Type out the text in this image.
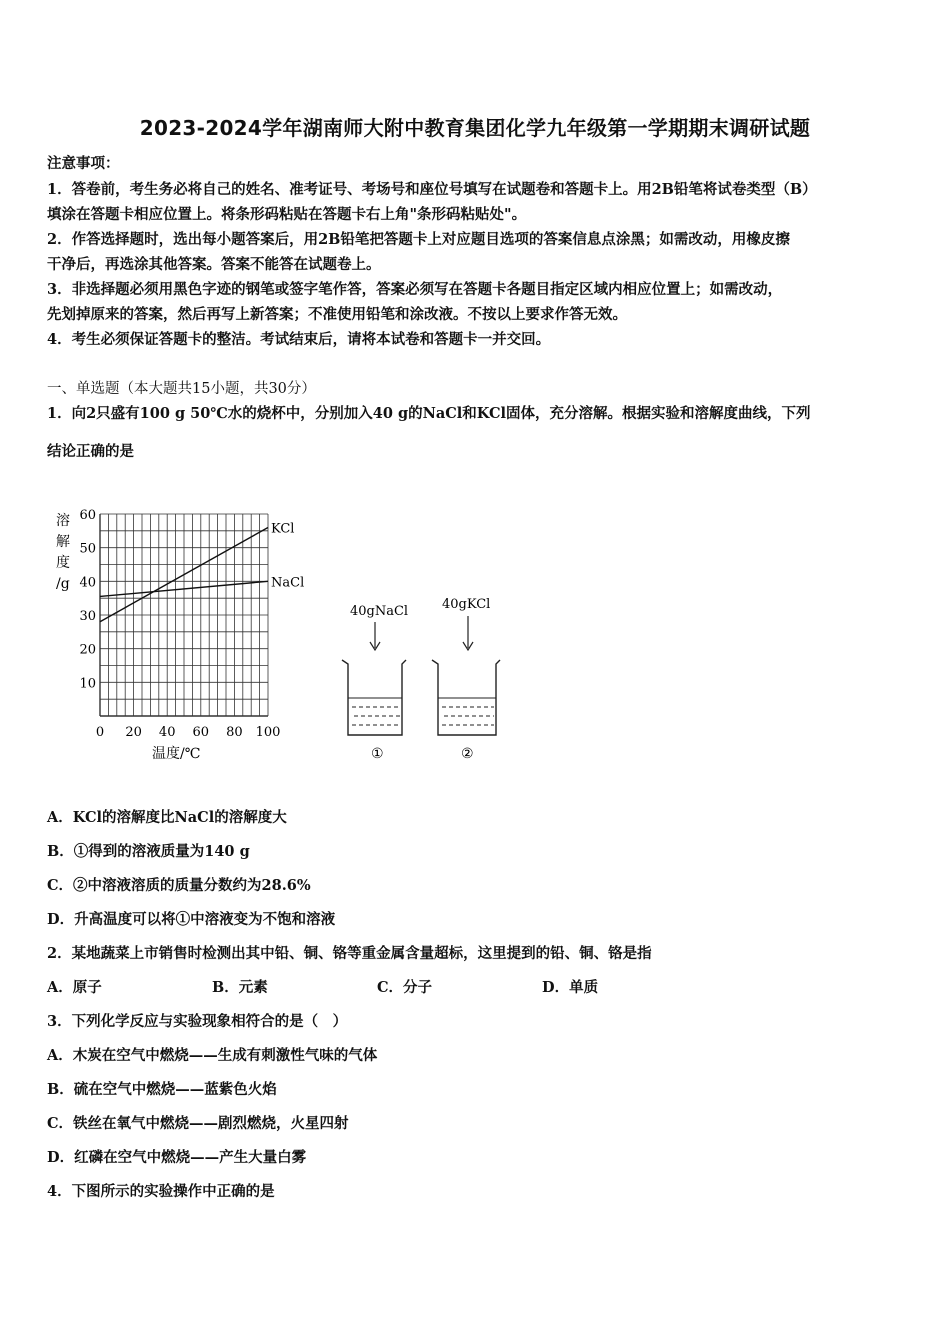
2023-2024学年湖南师大附中教育集团化学九年级第一学期期末调研试题
注意事项：
1．答卷前，考生务必将自己的姓名、准考证号、考场号和座位号填写在试题卷和答题卡上。用2B铅笔将试卷类型（B）
填涂在答题卡相应位置上。将条形码粘贴在答题卡右上角"条形码粘贴处"。
2．作答选择题时，选出每小题答案后，用2B铅笔把答题卡上对应题目选项的答案信息点涂黑；如需改动，用橡皮擦
干净后，再选涂其他答案。答案不能答在试题卷上。
3．非选择题必须用黑色字迹的钢笔或签字笔作答，答案必须写在答题卡各题目指定区域内相应位置上；如需改动，
先划掉原来的答案，然后再写上新答案；不准使用铅笔和涂改液。不按以上要求作答无效。
4．考生必须保证答题卡的整洁。考试结束后，请将本试卷和答题卡一并交回。
一、单选题（本大题共15小题，共30分）
1．向2只盛有100 g 50℃水的烧杯中，分别加入40 g的NaCl和KCl固体，充分溶解。根据实验和溶解度曲线，下列
结论正确的是
溶
解
度
/g
温度/℃
0 20 40 60 80 100
10
20
30
40
50
60
KCl
NaCl
40gNaCl
①
40gKCl
②
A．KCl的溶解度比NaCl的溶解度大
B．①得到的溶液质量为140 g
C．②中溶液溶质的质量分数约为28.6%
D．升高温度可以将①中溶液变为不饱和溶液
2．某地蔬菜上市销售时检测出其中铅、铜、铬等重金属含量超标，这里提到的铅、铜、铬是指
A．原子	B．元素	C．分子	D．单质
3．下列化学反应与实验现象相符合的是（　）
A．木炭在空气中燃烧——生成有刺激性气味的气体
B．硫在空气中燃烧——蓝紫色火焰
C．铁丝在氧气中燃烧——剧烈燃烧，火星四射
D．红磷在空气中燃烧——产生大量白雾
4．下图所示的实验操作中正确的是
